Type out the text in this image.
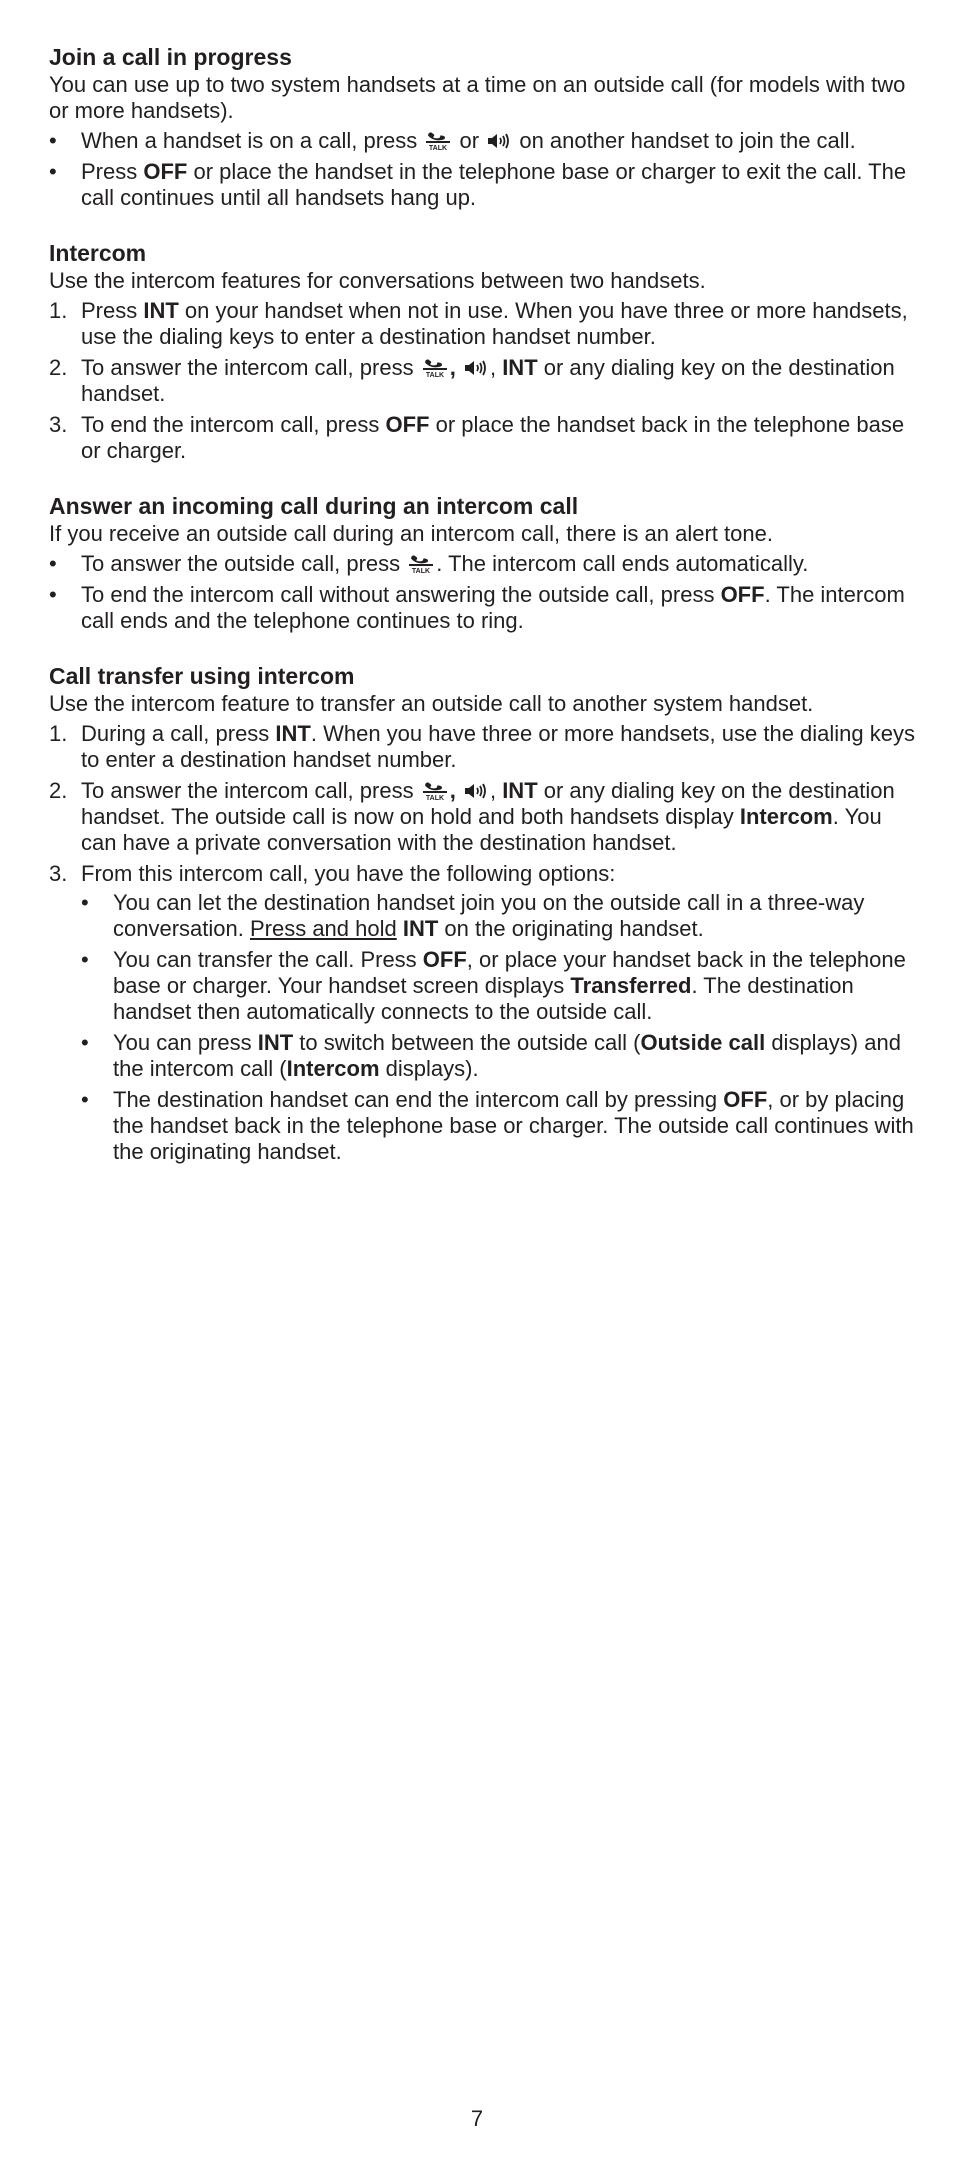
Join a call in progress

You can use up to two system handsets at a time on an outside call (for models with two or more handsets).

•	When a handset is on a call, press  or  on another handset to join the call.
•	Press OFF or place the handset in the telephone base or charger to exit the call. The call continues until all handsets hang up.
Intercom

Use the intercom features for conversations between two handsets.

1. Press INT on your handset when not in use. When you have three or more handsets, use the dialing keys to enter a destination handset number.
2. To answer the intercom call, press , , INT or any dialing key on the destination handset.
3. To end the intercom call, press OFF or place the handset back in the telephone base or charger.
Answer an incoming call during an intercom call

If you receive an outside call during an intercom call, there is an alert tone.

•	To answer the outside call, press . The intercom call ends automatically.
•	To end the intercom call without answering the outside call, press OFF. The intercom call ends and the telephone continues to ring.
Call transfer using intercom

Use the intercom feature to transfer an outside call to another system handset.

1. During a call, press INT. When you have three or more handsets, use the dialing keys to enter a destination handset number.
2. To answer the intercom call, press , , INT or any dialing key on the destination handset. The outside call is now on hold and both handsets display Intercom. You can have a private conversation with the destination handset.
3. From this intercom call, you have the following options:
•	You can let the destination handset join you on the outside call in a three-way conversation. Press and hold INT on the originating handset.
•	You can transfer the call. Press OFF, or place your handset back in the telephone base or charger. Your handset screen displays Transferred. The destination handset then automatically connects to the outside call.
•	You can press INT to switch between the outside call (Outside call displays) and the intercom call (Intercom displays).
•	The destination handset can end the intercom call by pressing OFF, or by placing the handset back in the telephone base or charger. The outside call continues with the originating handset.
7
